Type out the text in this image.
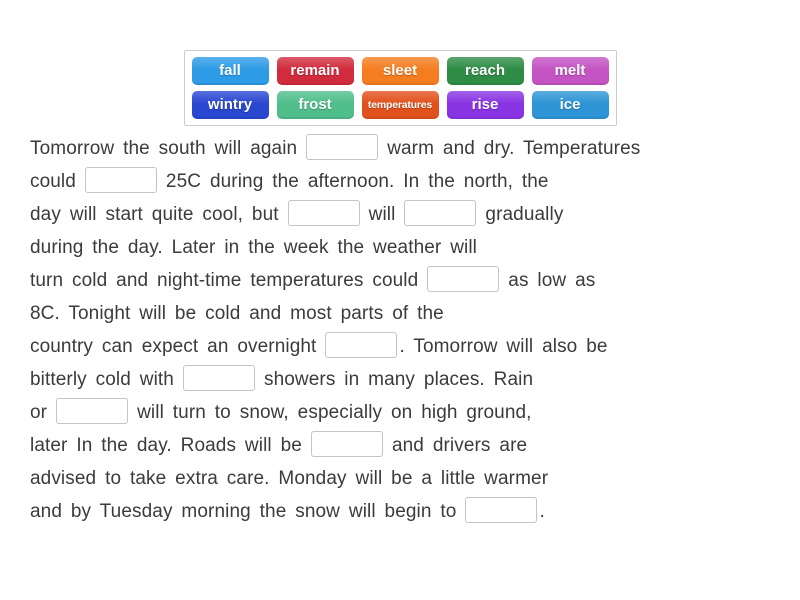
fall	remain	sleet	reach	melt
wintry	frost	temperatures	rise	ice
Tomorrow the south will again	warm and dry. Temperatures
could	25C during the afternoon. In the north, the
day will start quite cool, but	will	gradually
during the day. Later in the week the weather will
turn cold and night-time temperatures could	as low as
8C. Tonight will be cold and most parts of the
country can expect an overnight	. Tomorrow will also be
bitterly cold with	showers in many places. Rain
or	will turn to snow, especially on high ground,
later In the day. Roads will be	and drivers are
advised to take extra care. Monday will be a little warmer
and by Tuesday morning the snow will begin to	.
